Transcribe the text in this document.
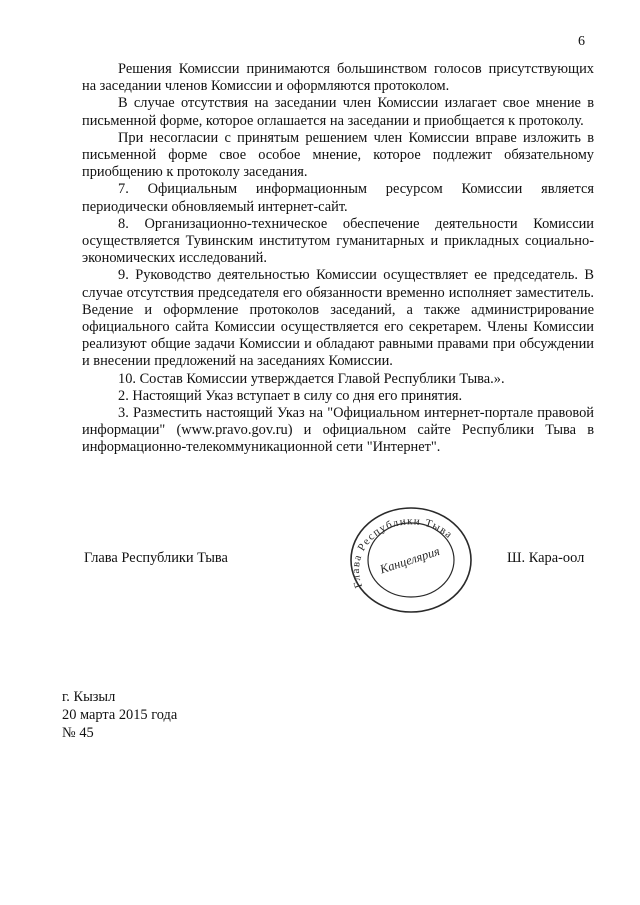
6

Решения Комиссии принимаются большинством голосов присутствующих на заседании членов Комиссии и оформляются протоколом.

В случае отсутствия на заседании член Комиссии излагает свое мнение в письменной форме, которое оглашается на заседании и приобщается к протоколу.

При несогласии с принятым решением член Комиссии вправе изложить в письменной форме свое особое мнение, которое подлежит обязательному приобщению к протоколу заседания.

7. Официальным информационным ресурсом Комиссии является периодически обновляемый интернет-сайт.

8. Организационно-техническое обеспечение деятельности Комиссии осуществляется Тувинским институтом гуманитарных и прикладных социально-экономических исследований.

9. Руководство деятельностью Комиссии осуществляет ее председатель. В случае отсутствия председателя его обязанности временно исполняет заместитель. Ведение и оформление протоколов заседаний, а также администрирование официального сайта Комиссии осуществляется его секретарем. Члены Комиссии реализуют общие задачи Комиссии и обладают равными правами при обсуждении и внесении предложений на заседаниях Комиссии.

10. Состав Комиссии утверждается Главой Республики Тыва.».

2. Настоящий Указ вступает в силу со дня его принятия.

3. Разместить настоящий Указ на "Официальном интернет-портале правовой информации" (www.pravo.gov.ru) и официальном сайте Республики Тыва в информационно-телекоммуникационной сети "Интернет".

Глава Республики Тыва	Ш. Кара-оол
Глава Республики Тыва
Канцелярия
г. Кызыл
20 марта 2015 года
№ 45
